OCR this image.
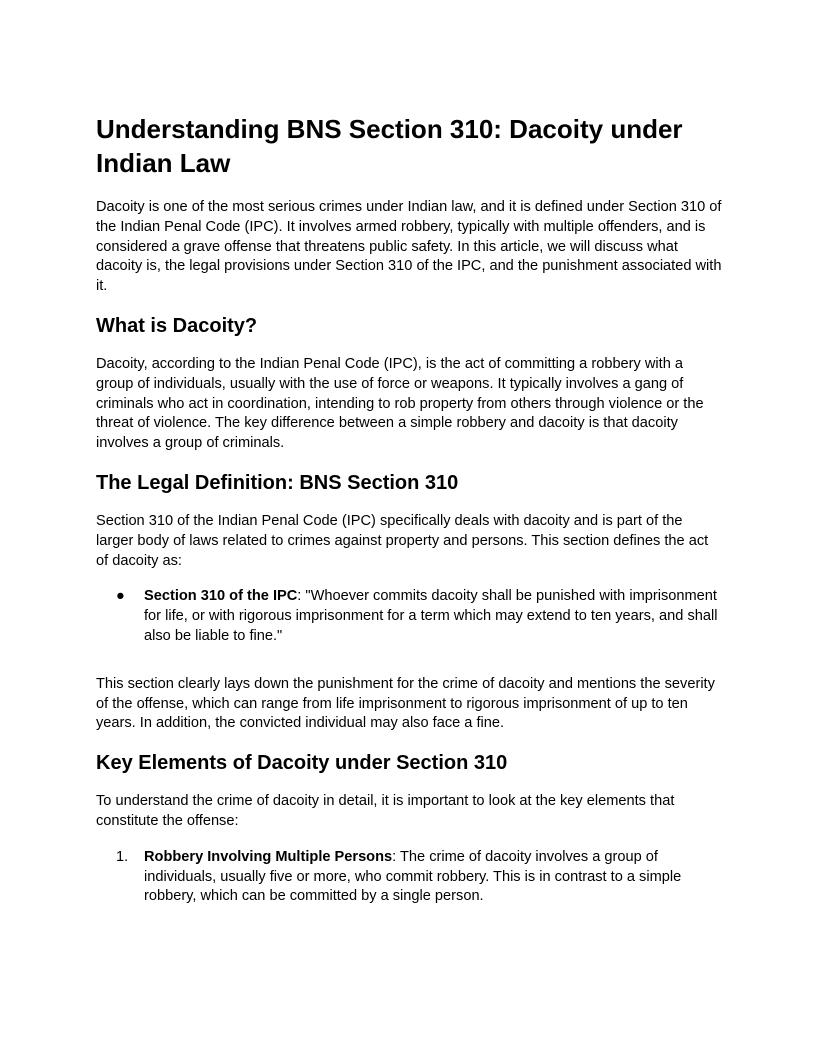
Understanding BNS Section 310: Dacoity under Indian Law

Dacoity is one of the most serious crimes under Indian law, and it is defined under Section 310 of the Indian Penal Code (IPC). It involves armed robbery, typically with multiple offenders, and is considered a grave offense that threatens public safety. In this article, we will discuss what dacoity is, the legal provisions under Section 310 of the IPC, and the punishment associated with it.

What is Dacoity?

Dacoity, according to the Indian Penal Code (IPC), is the act of committing a robbery with a group of individuals, usually with the use of force or weapons. It typically involves a gang of criminals who act in coordination, intending to rob property from others through violence or the threat of violence. The key difference between a simple robbery and dacoity is that dacoity involves a group of criminals.

The Legal Definition: BNS Section 310

Section 310 of the Indian Penal Code (IPC) specifically deals with dacoity and is part of the larger body of laws related to crimes against property and persons. This section defines the act of dacoity as:

●	Section 310 of the IPC: "Whoever commits dacoity shall be punished with imprisonment for life, or with rigorous imprisonment for a term which may extend to ten years, and shall also be liable to fine."

This section clearly lays down the punishment for the crime of dacoity and mentions the severity of the offense, which can range from life imprisonment to rigorous imprisonment of up to ten years. In addition, the convicted individual may also face a fine.

Key Elements of Dacoity under Section 310

To understand the crime of dacoity in detail, it is important to look at the key elements that constitute the offense:

1.	Robbery Involving Multiple Persons: The crime of dacoity involves a group of individuals, usually five or more, who commit robbery. This is in contrast to a simple robbery, which can be committed by a single person.
